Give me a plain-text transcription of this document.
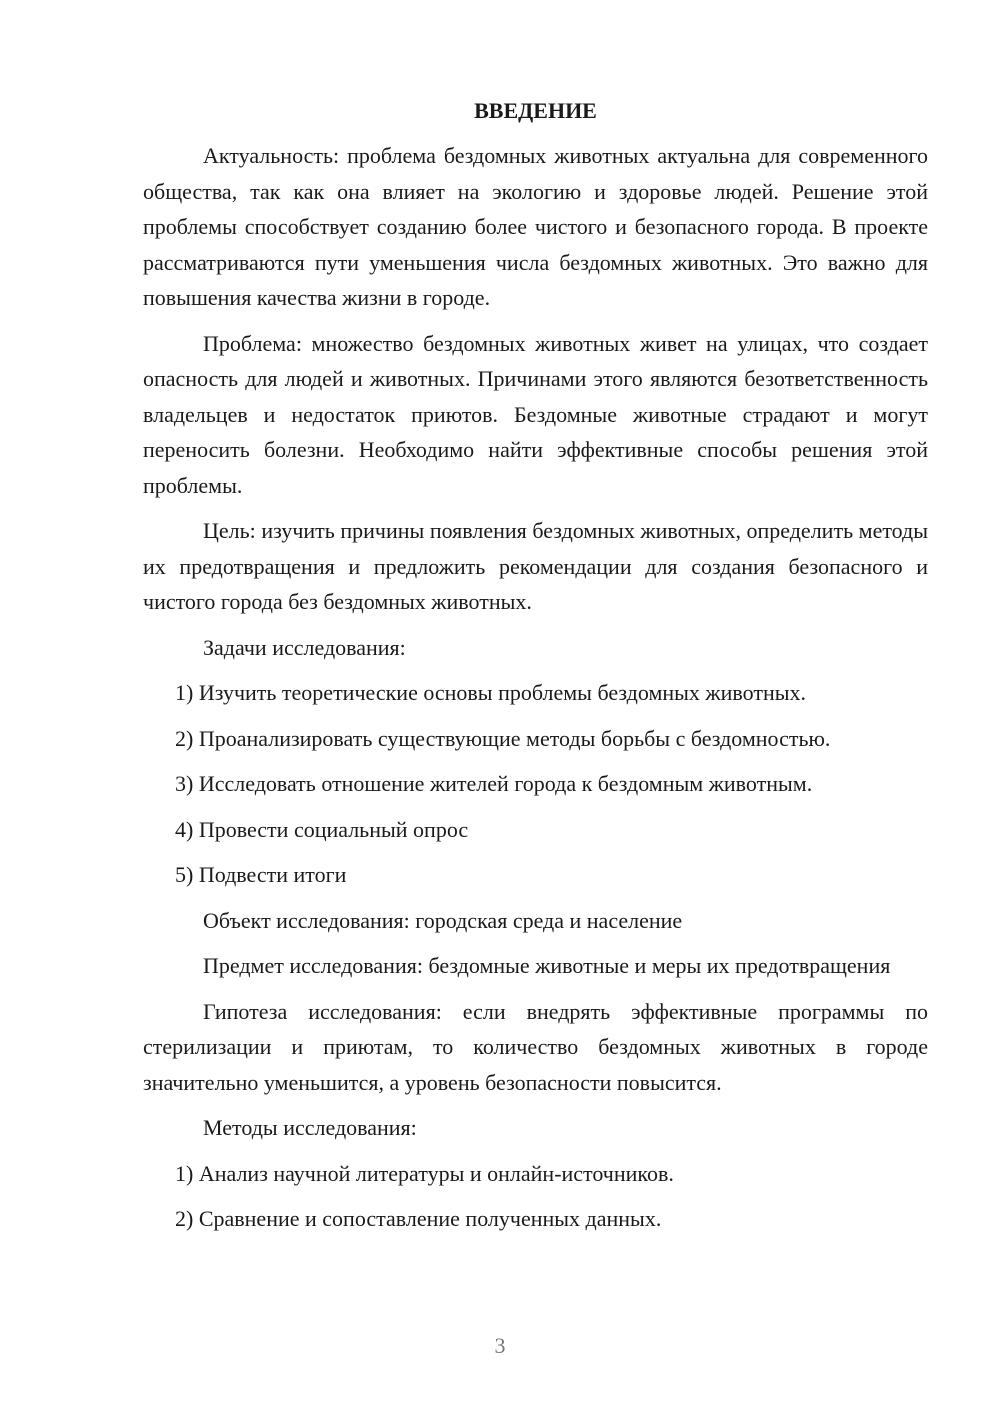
ВВЕДЕНИЕ

Актуальность: проблема бездомных животных актуальна для современного общества, так как она влияет на экологию и здоровье людей. Решение этой проблемы способствует созданию более чистого и безопасного города. В проекте рассматриваются пути уменьшения числа бездомных животных. Это важно для повышения качества жизни в городе.

Проблема: множество бездомных животных живет на улицах, что создает опасность для людей и животных. Причинами этого являются безответственность владельцев и недостаток приютов. Бездомные животные страдают и могут переносить болезни. Необходимо найти эффективные способы решения этой проблемы.

Цель: изучить причины появления бездомных животных, определить методы их предотвращения и предложить рекомендации для создания безопасного и чистого города без бездомных животных.

Задачи исследования:

1) Изучить теоретические основы проблемы бездомных животных.

2) Проанализировать существующие методы борьбы с бездомностью.

3) Исследовать отношение жителей города к бездомным животным.

4) Провести социальный опрос

5) Подвести итоги

Объект исследования: городская среда и население

Предмет исследования: бездомные животные и меры их предотвращения

Гипотеза исследования: если внедрять эффективные программы по стерилизации и приютам, то количество бездомных животных в городе значительно уменьшится, а уровень безопасности повысится.

Методы исследования:

1) Анализ научной литературы и онлайн-источников.

2) Сравнение и сопоставление полученных данных.

3
